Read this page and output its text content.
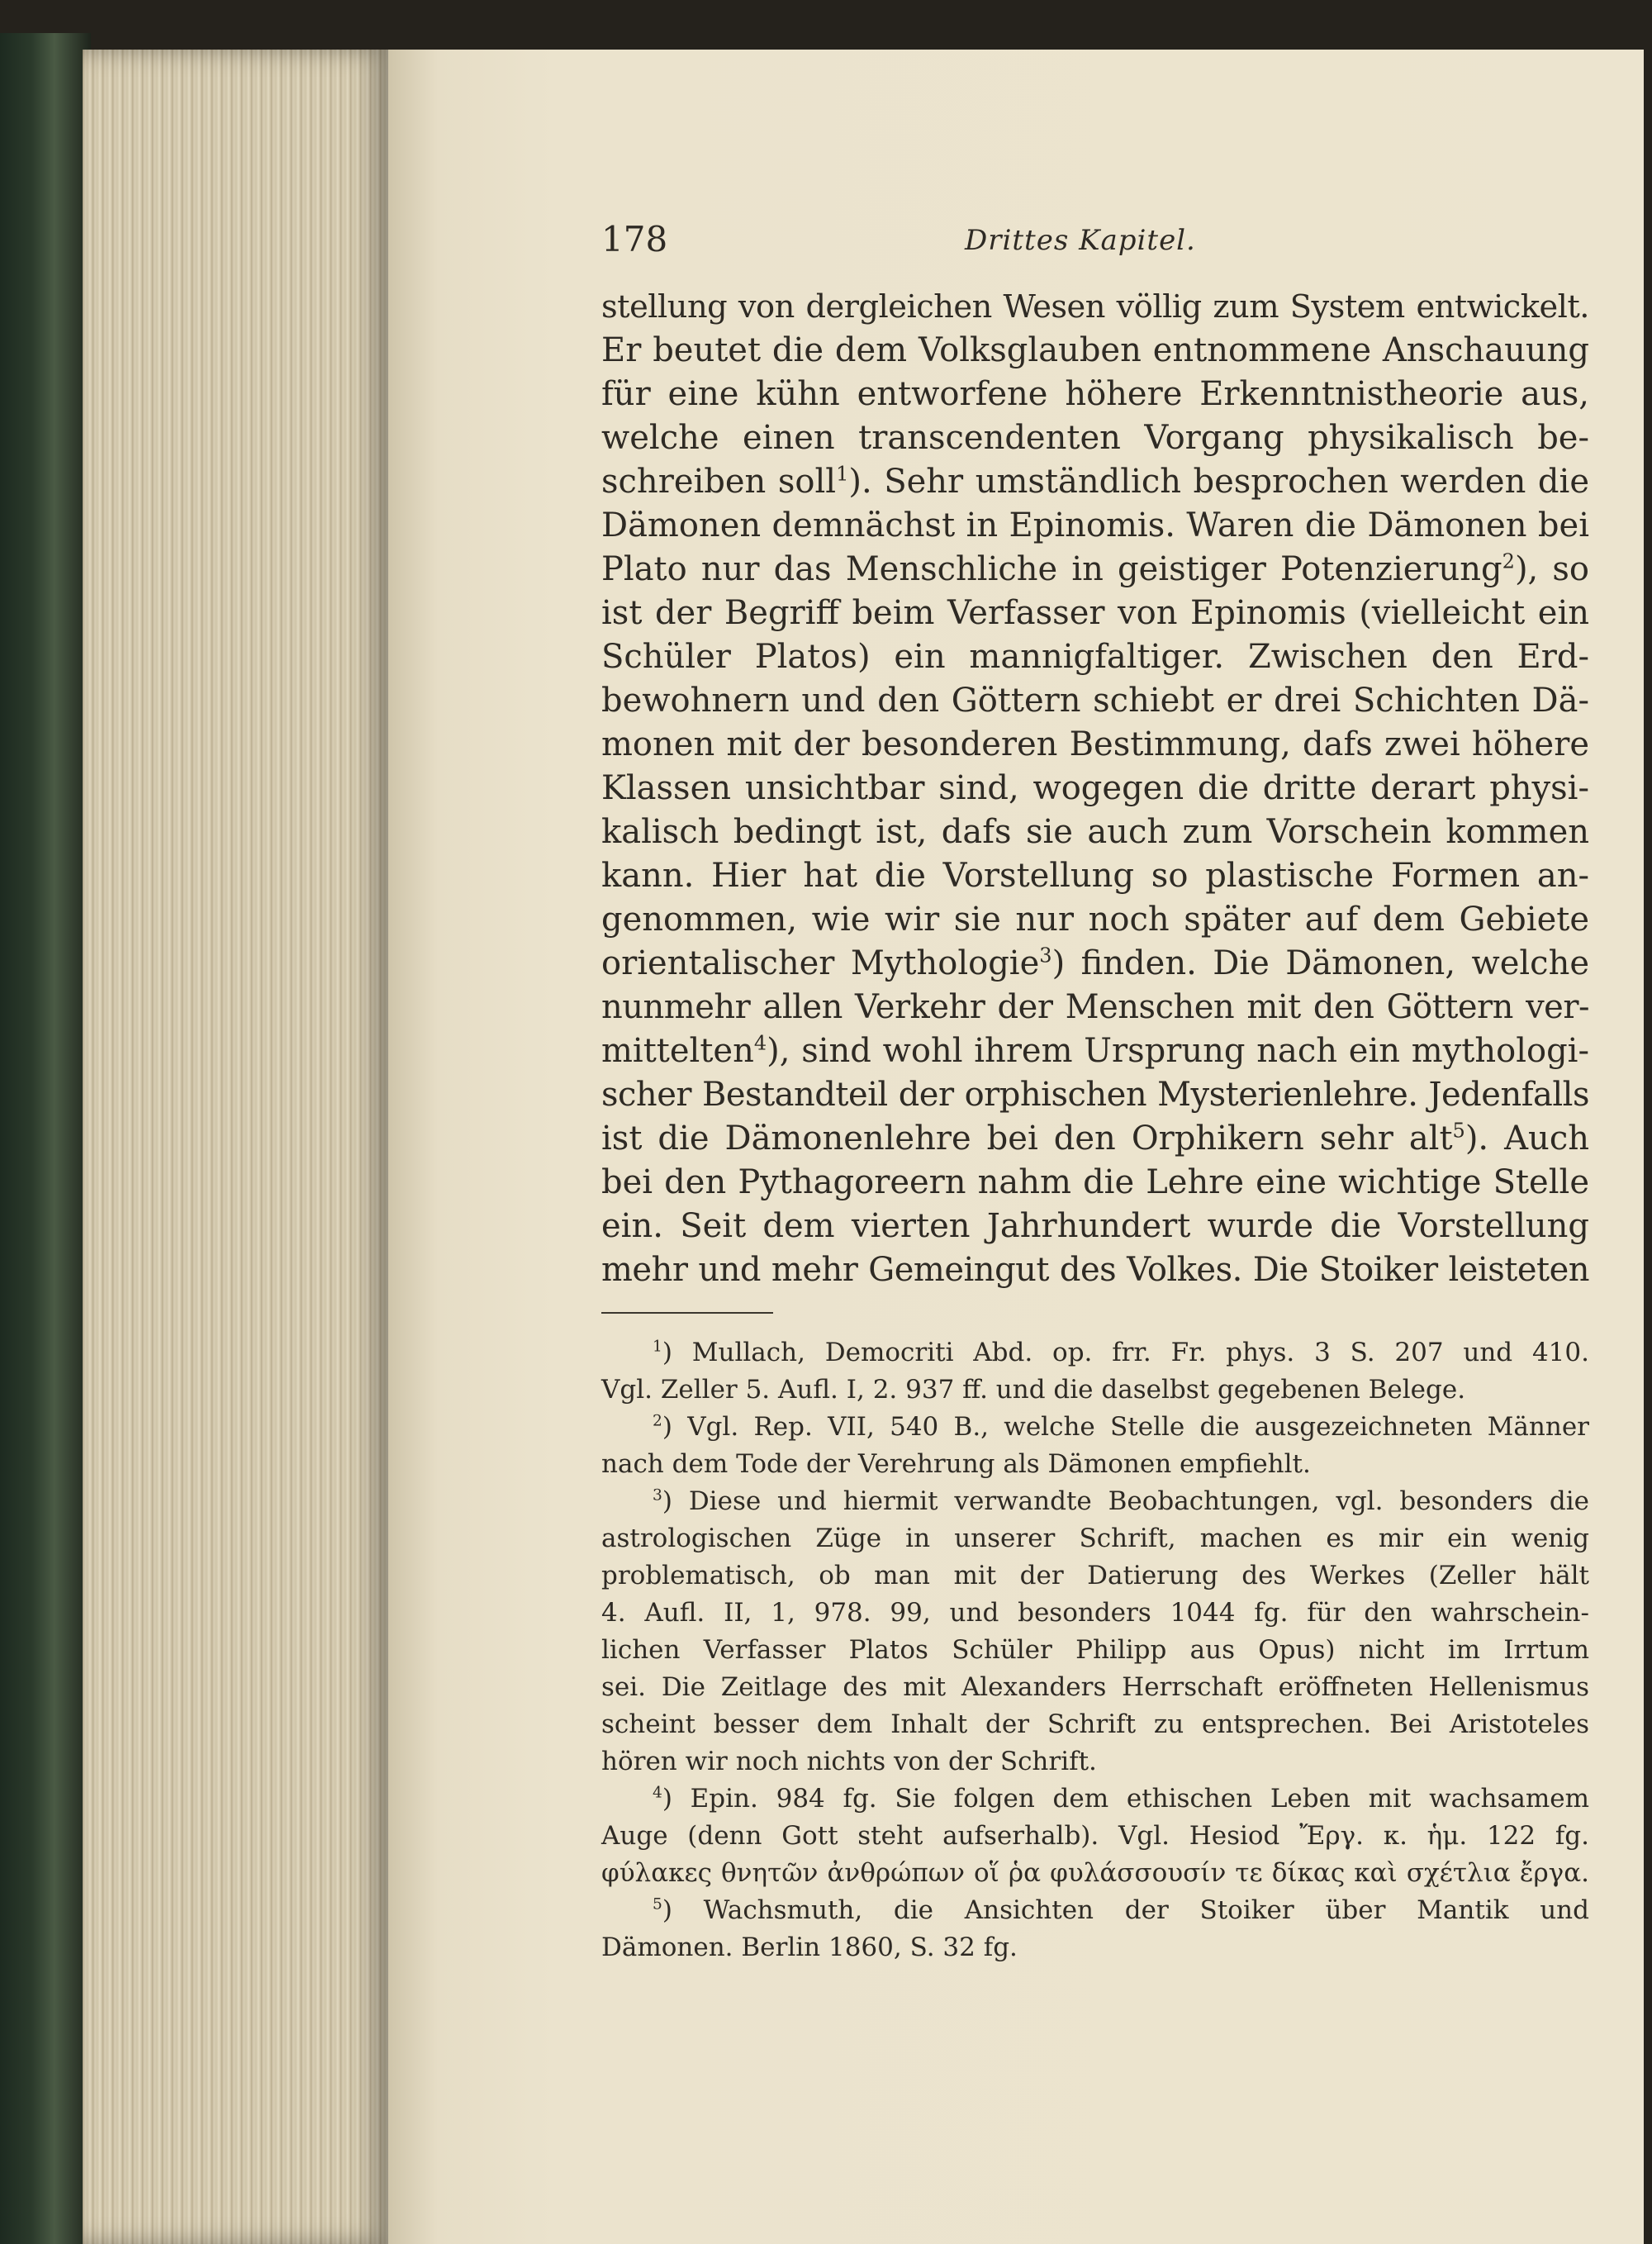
178	Drittes Kapitel.
stellung von dergleichen Wesen völlig zum System entwickelt.
Er beutet die dem Volksglauben entnommene Anschauung
für eine kühn entworfene höhere Erkenntnistheorie aus,
welche einen transcendenten Vorgang physikalisch be-
schreiben soll$^1$). Sehr umständlich besprochen werden die
Dämonen demnächst in Epinomis. Waren die Dämonen bei
Plato nur das Menschliche in geistiger Potenzierung$^2$), so
ist der Begriff beim Verfasser von Epinomis (vielleicht ein
Schüler Platos) ein mannigfaltiger. Zwischen den Erd-
bewohnern und den Göttern schiebt er drei Schichten Dä-
monen mit der besonderen Bestimmung, dafs zwei höhere
Klassen unsichtbar sind, wogegen die dritte derart physi-
kalisch bedingt ist, dafs sie auch zum Vorschein kommen
kann. Hier hat die Vorstellung so plastische Formen an-
genommen, wie wir sie nur noch später auf dem Gebiete
orientalischer Mythologie$^3$) finden. Die Dämonen, welche
nunmehr allen Verkehr der Menschen mit den Göttern ver-
mittelten$^4$), sind wohl ihrem Ursprung nach ein mythologi-
scher Bestandteil der orphischen Mysterienlehre. Jedenfalls
ist die Dämonenlehre bei den Orphikern sehr alt$^5$). Auch
bei den Pythagoreern nahm die Lehre eine wichtige Stelle
ein. Seit dem vierten Jahrhundert wurde die Vorstellung
mehr und mehr Gemeingut des Volkes. Die Stoiker leisteten
$^1$) Mullach, Democriti Abd. op. frr. Fr. phys. 3 S. 207 und 410.
Vgl. Zeller 5. Aufl. I, 2. 937 ff. und die daselbst gegebenen Belege.
$^2$) Vgl. Rep. VII, 540 B., welche Stelle die ausgezeichneten Männer
nach dem Tode der Verehrung als Dämonen empfiehlt.
$^3$) Diese und hiermit verwandte Beobachtungen, vgl. besonders die
astrologischen Züge in unserer Schrift, machen es mir ein wenig
problematisch, ob man mit der Datierung des Werkes (Zeller hält
4. Aufl. II, 1, 978. 99, und besonders 1044 fg. für den wahrschein-
lichen Verfasser Platos Schüler Philipp aus Opus) nicht im Irrtum
sei. Die Zeitlage des mit Alexanders Herrschaft eröffneten Hellenismus
scheint besser dem Inhalt der Schrift zu entsprechen. Bei Aristoteles
hören wir noch nichts von der Schrift.
$^4$) Epin. 984 fg. Sie folgen dem ethischen Leben mit wachsamem
Auge (denn Gott steht aufserhalb). Vgl. Hesiod Ἔργ. κ. ἡμ. 122 fg.
φύλακες θνητῶν ἀνθρώπων οἵ ῥα φυλάσσουσίν τε δίκας καὶ σχέτλια ἔργα.
$^5$) Wachsmuth, die Ansichten der Stoiker über Mantik und
Dämonen. Berlin 1860, S. 32 fg.
